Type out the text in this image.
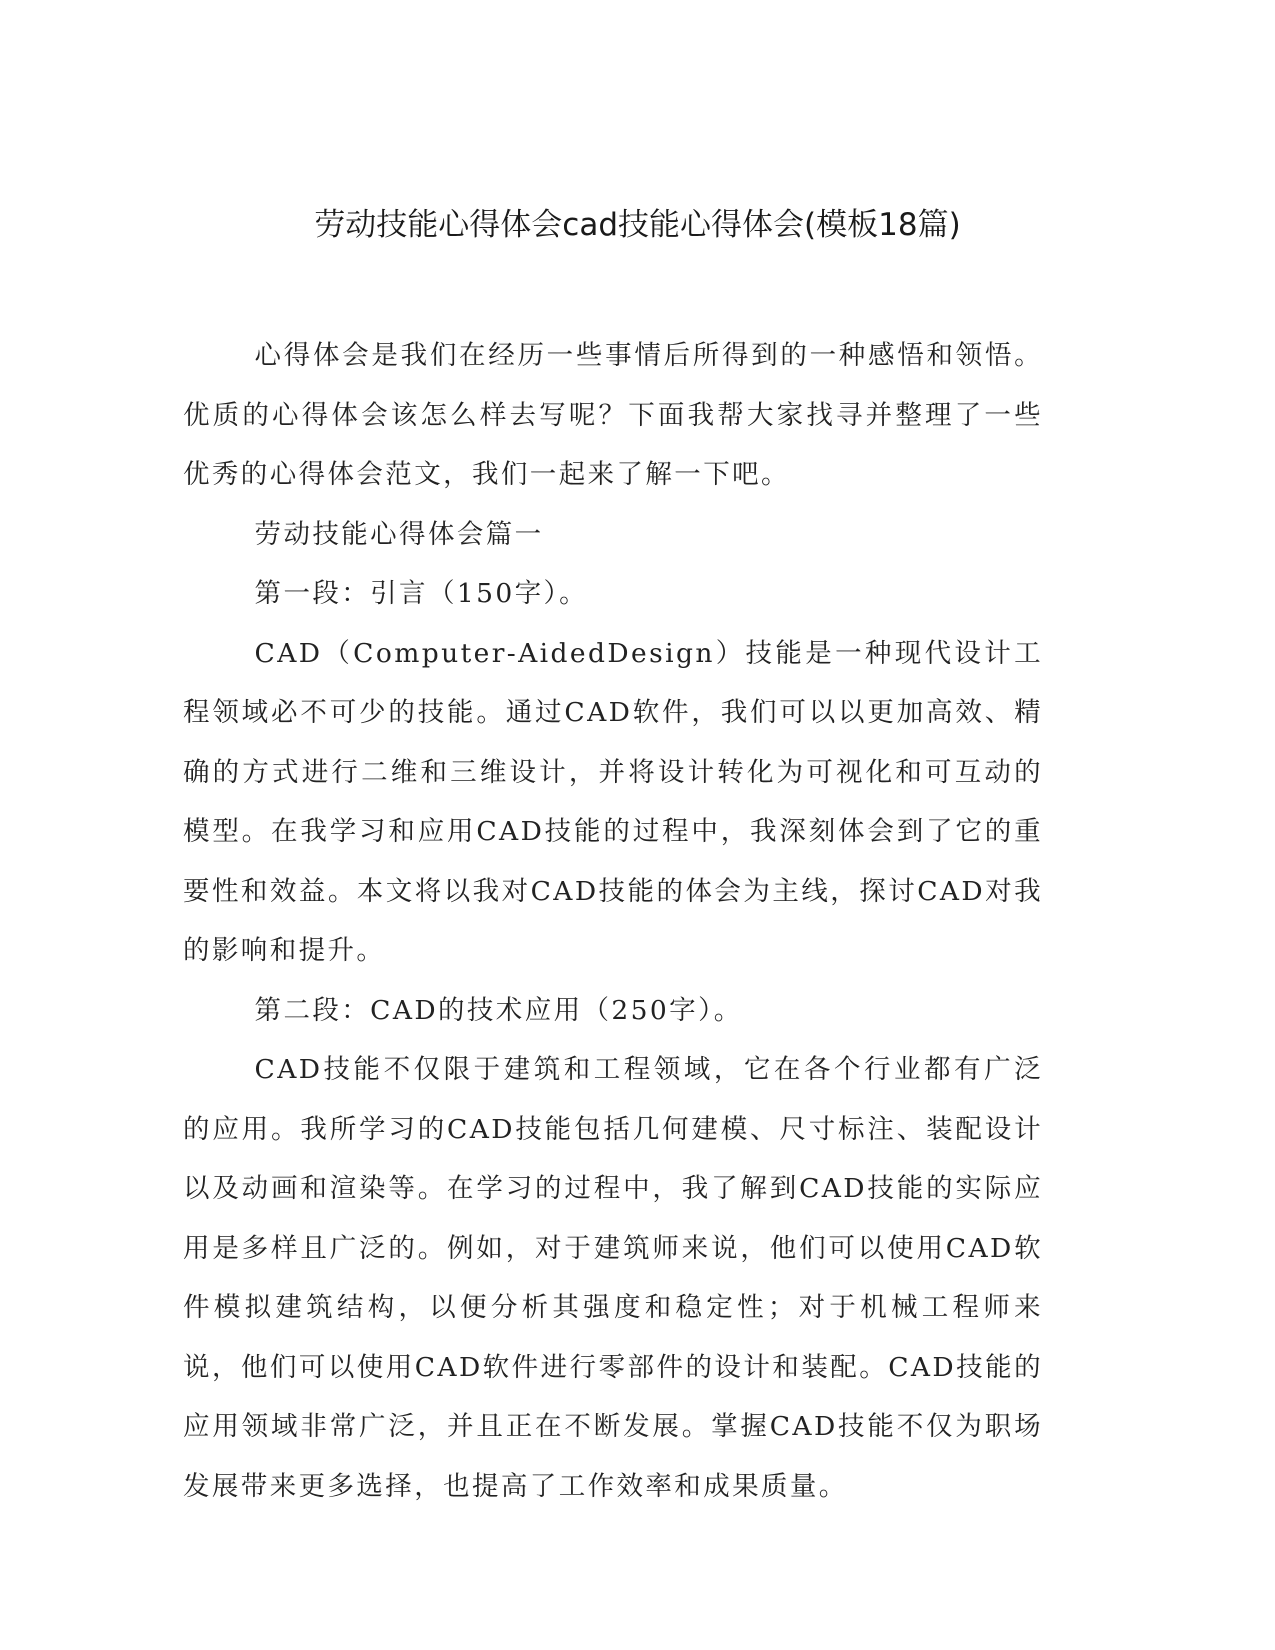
劳动技能心得体会cad技能心得体会(模板18篇)

心得体会是我们在经历一些事情后所得到的一种感悟和领悟。优质的心得体会该怎么样去写呢？下面我帮大家找寻并整理了一些优秀的心得体会范文，我们一起来了解一下吧。

劳动技能心得体会篇一

第一段：引言（150字）。

CAD（Computer-AidedDesign）技能是一种现代设计工程领域必不可少的技能。通过CAD软件，我们可以以更加高效、精确的方式进行二维和三维设计，并将设计转化为可视化和可互动的模型。在我学习和应用CAD技能的过程中，我深刻体会到了它的重要性和效益。本文将以我对CAD技能的体会为主线，探讨CAD对我的影响和提升。

第二段：CAD的技术应用（250字）。

CAD技能不仅限于建筑和工程领域，它在各个行业都有广泛的应用。我所学习的CAD技能包括几何建模、尺寸标注、装配设计以及动画和渲染等。在学习的过程中，我了解到CAD技能的实际应用是多样且广泛的。例如，对于建筑师来说，他们可以使用CAD软件模拟建筑结构，以便分析其强度和稳定性；对于机械工程师来说，他们可以使用CAD软件进行零部件的设计和装配。CAD技能的应用领域非常广泛，并且正在不断发展。掌握CAD技能不仅为职场发展带来更多选择，也提高了工作效率和成果质量。
